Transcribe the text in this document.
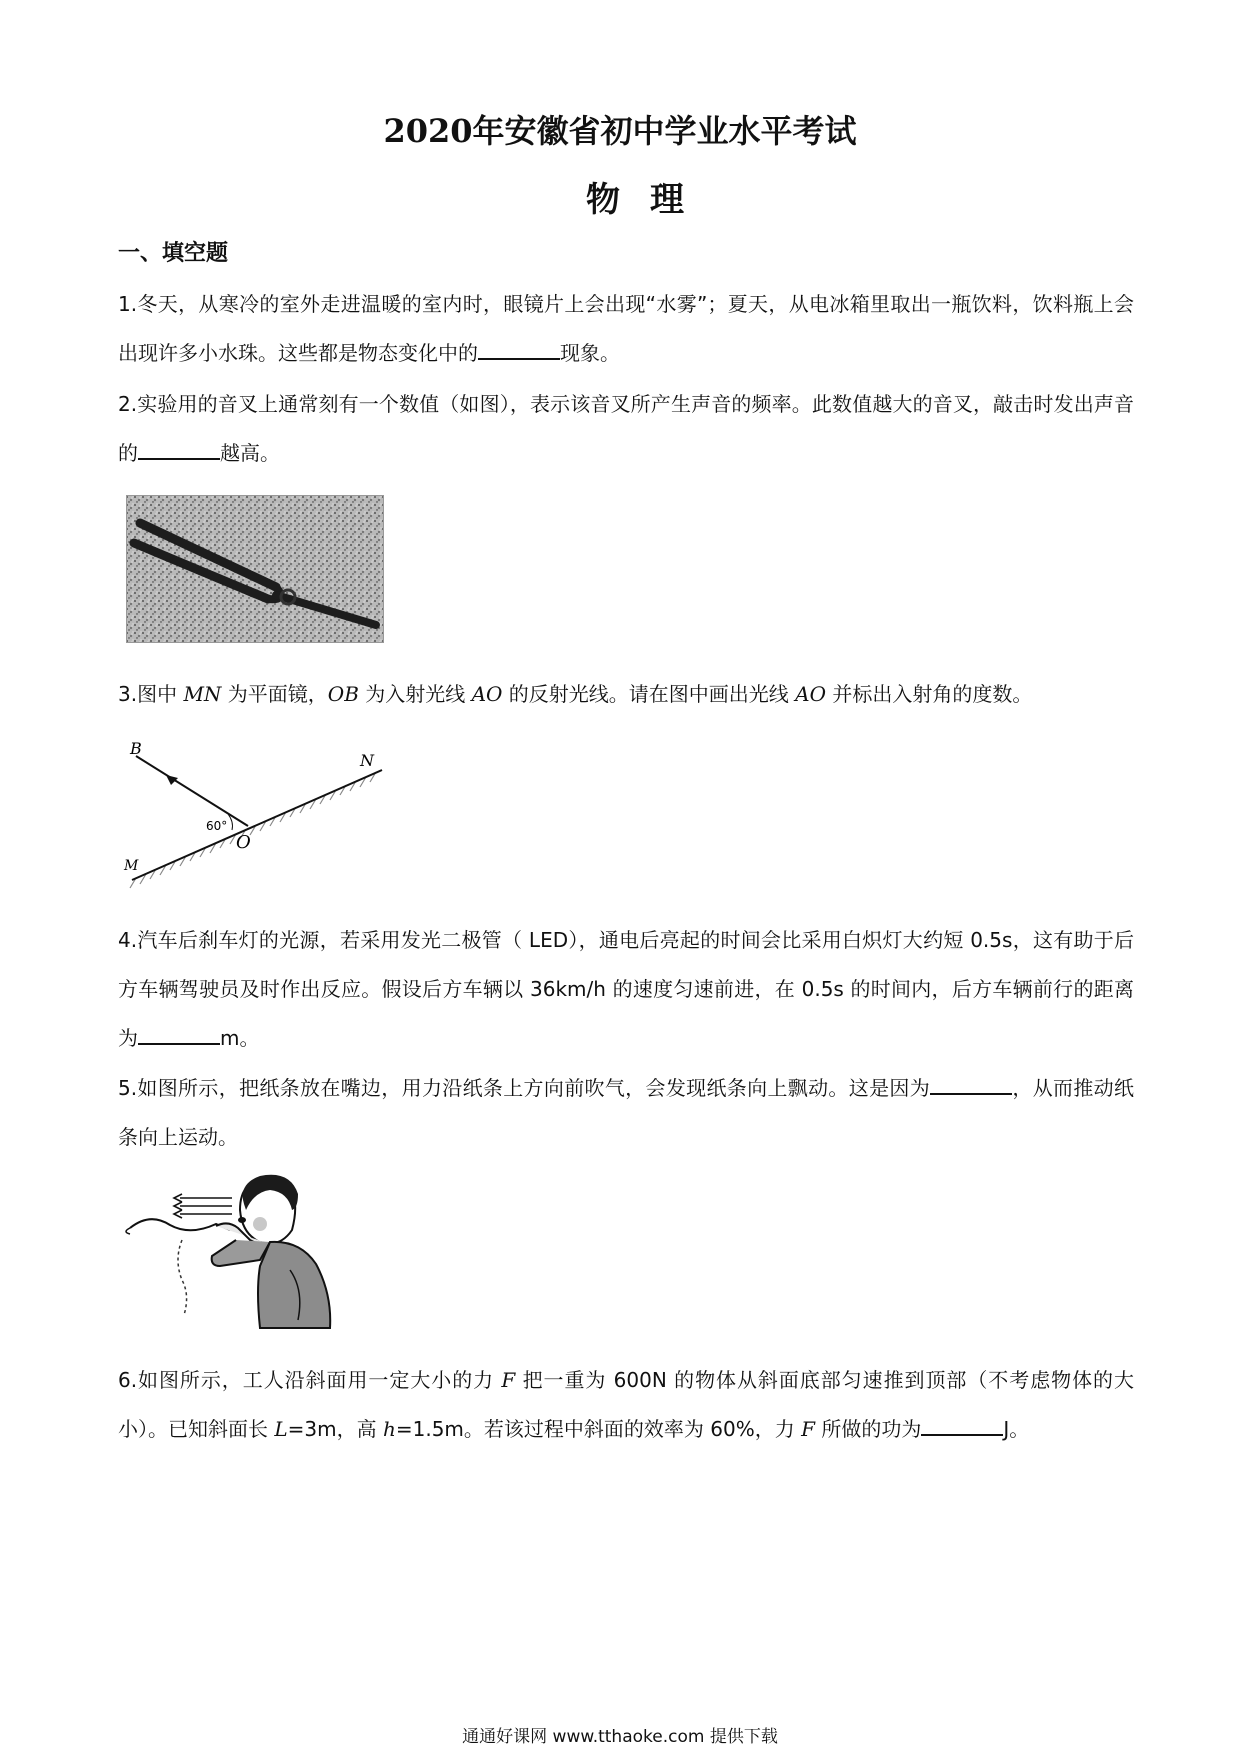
2020年安徽省初中学业水平考试
物理
一、填空题
1.冬天，从寒冷的室外走进温暖的室内时，眼镜片上会出现“水雾”；夏天，从电冰箱里取出一瓶饮料，饮料瓶上会出现许多小水珠。这些都是物态变化中的	现象。
2.实验用的音叉上通常刻有一个数值（如图），表示该音叉所产生声音的频率。此数值越大的音叉，敲击时发出声音的	越高。
3.图中 MN 为平面镜，OB 为入射光线 AO 的反射光线。请在图中画出光线 AO 并标出入射角的度数。
B
N
M
O
60°
4.汽车后刹车灯的光源，若采用发光二极管（ LED），通电后亮起的时间会比采用白炽灯大约短 0.5s，这有助于后方车辆驾驶员及时作出反应。假设后方车辆以 36km/h 的速度匀速前进，在 0.5s 的时间内，后方车辆前行的距离为	m。
5.如图所示，把纸条放在嘴边，用力沿纸条上方向前吹气，会发现纸条向上飘动。这是因为	，从而推动纸条向上运动。
6.如图所示，工人沿斜面用一定大小的力 F 把一重为 600N 的物体从斜面底部匀速推到顶部（不考虑物体的大小）。已知斜面长 L=3m，高 h=1.5m。若该过程中斜面的效率为 60%，力 F 所做的功为	J。
通通好课网 www.tthaoke.com 提供下载
